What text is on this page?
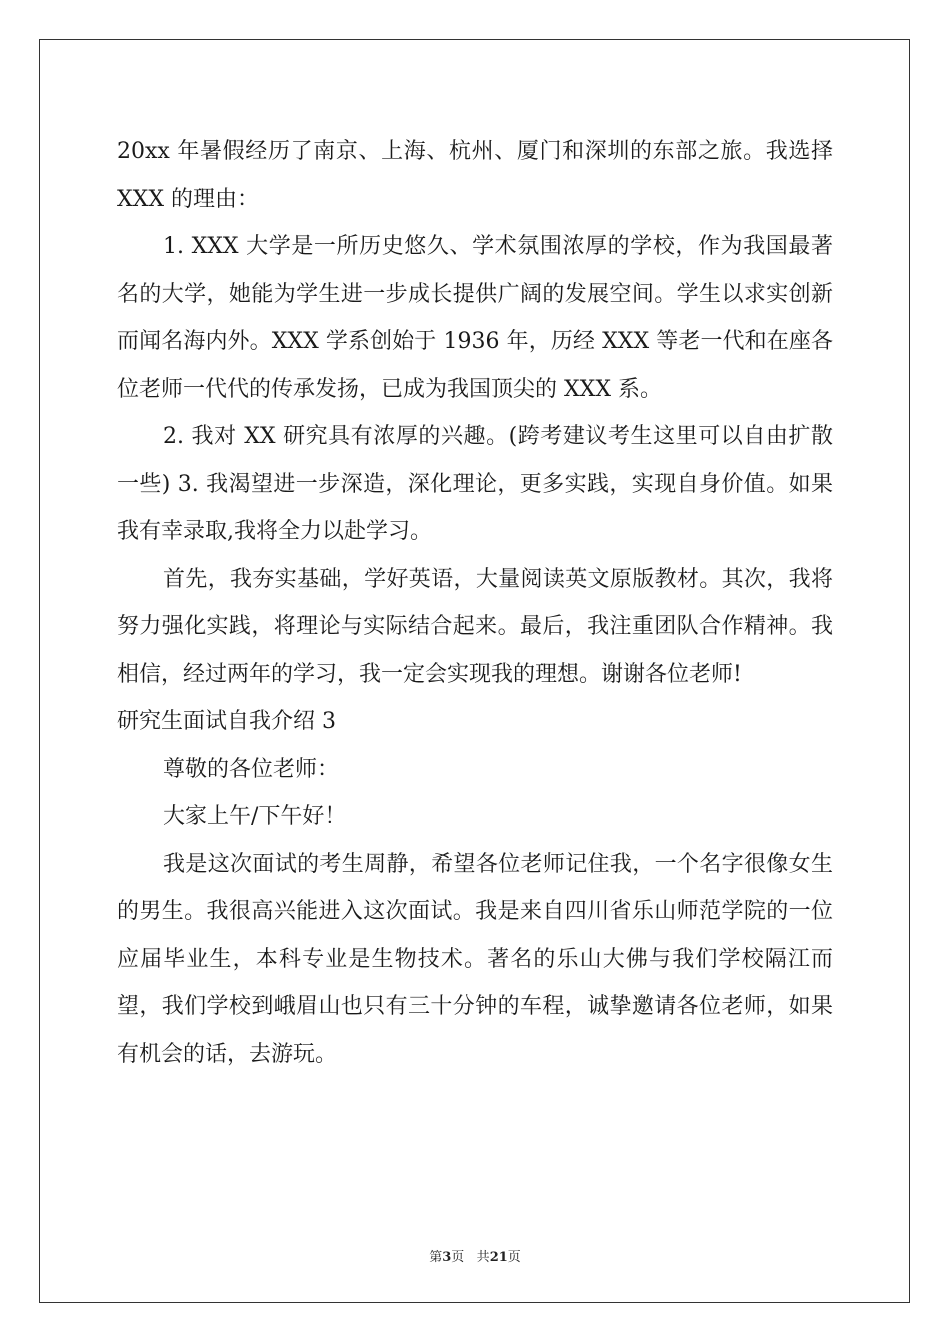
20xx 年暑假经历了南京、上海、杭州、厦门和深圳的东部之旅。我选择 XXX 的理由：

1. XXX 大学是一所历史悠久、学术氛围浓厚的学校，作为我国最著名的大学，她能为学生进一步成长提供广阔的发展空间。学生以求实创新而闻名海内外。XXX 学系创始于 1936 年，历经 XXX 等老一代和在座各位老师一代代的传承发扬，已成为我国顶尖的 XXX 系。

2. 我对 XX 研究具有浓厚的兴趣。(跨考建议考生这里可以自由扩散一些) 3. 我渴望进一步深造，深化理论，更多实践，实现自身价值。如果我有幸录取,我将全力以赴学习。

首先，我夯实基础，学好英语，大量阅读英文原版教材。其次，我将努力强化实践，将理论与实际结合起来。最后，我注重团队合作精神。我相信，经过两年的学习，我一定会实现我的理想。谢谢各位老师!

研究生面试自我介绍 3

尊敬的各位老师：

大家上午/下午好！

我是这次面试的考生周静，希望各位老师记住我，一个名字很像女生的男生。我很高兴能进入这次面试。我是来自四川省乐山师范学院的一位应届毕业生，本科专业是生物技术。著名的乐山大佛与我们学校隔江而望，我们学校到峨眉山也只有三十分钟的车程，诚挚邀请各位老师，如果有机会的话，去游玩。

第3页 共21页
